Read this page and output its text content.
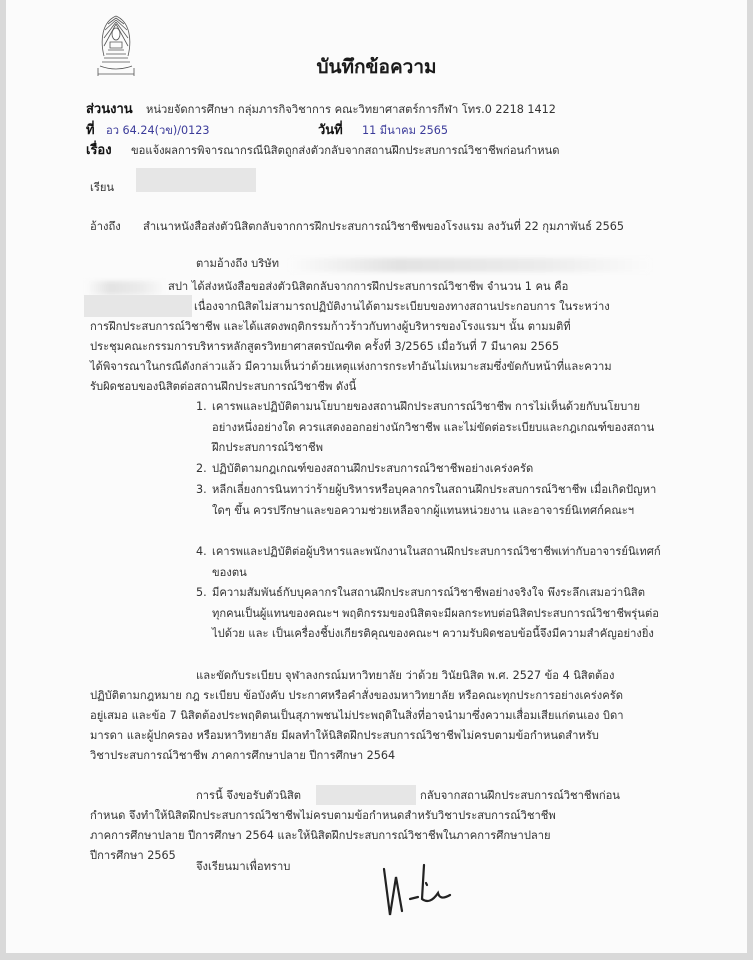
บันทึกข้อความ
ส่วนงาน หน่วยจัดการศึกษา กลุ่มภารกิจวิชาการ คณะวิทยาศาสตร์การกีฬา โทร.0 2218 1412
ที่ อว 64.24(วข)/0123	วันที่ 11 มีนาคม 2565
เรื่อง ขอแจ้งผลการพิจารณากรณีนิสิตถูกส่งตัวกลับจากสถานฝึกประสบการณ์วิชาชีพก่อนกำหนด
เรียน
อ้างถึง สำเนาหนังสือส่งตัวนิสิตกลับจากการฝึกประสบการณ์วิชาชีพของโรงแรม ลงวันที่ 22 กุมภาพันธ์ 2565
ตามอ้างถึง บริษัท
สปา ได้ส่งหนังสือขอส่งตัวนิสิตกลับจากการฝึกประสบการณ์วิชาชีพ จำนวน 1 คน คือ
เนื่องจากนิสิตไม่สามารถปฏิบัติงานได้ตามระเบียบของทางสถานประกอบการ ในระหว่าง
การฝึกประสบการณ์วิชาชีพ และได้แสดงพฤติกรรมก้าวร้าวกับทางผู้บริหารของโรงแรมฯ นั้น ตามมติที่
ประชุมคณะกรรมการบริหารหลักสูตรวิทยาศาสตรบัณฑิต ครั้งที่ 3/2565 เมื่อวันที่ 7 มีนาคม 2565
ได้พิจารณาในกรณีดังกล่าวแล้ว มีความเห็นว่าด้วยเหตุแห่งการกระทำอันไม่เหมาะสมซึ่งขัดกับหน้าที่และความ
รับผิดชอบของนิสิตต่อสถานฝึกประสบการณ์วิชาชีพ ดังนี้
1. เคารพและปฏิบัติตามนโยบายของสถานฝึกประสบการณ์วิชาชีพ การไม่เห็นด้วยกับนโยบายอย่างหนึ่งอย่างใด ควรแสดงออกอย่างนักวิชาชีพ และไม่ขัดต่อระเบียบและกฎเกณฑ์ของสถานฝึกประสบการณ์วิชาชีพ
2. ปฏิบัติตามกฎเกณฑ์ของสถานฝึกประสบการณ์วิชาชีพอย่างเคร่งครัด
3. หลีกเลี่ยงการนินทาว่าร้ายผู้บริหารหรือบุคลากรในสถานฝึกประสบการณ์วิชาชีพ เมื่อเกิดปัญหา ใดๆ ขึ้น ควรปรึกษาและขอความช่วยเหลือจากผู้แทนหน่วยงาน และอาจารย์นิเทศก์คณะฯ
4. เคารพและปฏิบัติต่อผู้บริหารและพนักงานในสถานฝึกประสบการณ์วิชาชีพเท่ากับอาจารย์นิเทศก์ของตน
5. มีความสัมพันธ์กับบุคลากรในสถานฝึกประสบการณ์วิชาชีพอย่างจริงใจ พึงระลึกเสมอว่านิสิต ทุกคนเป็นผู้แทนของคณะฯ พฤติกรรมของนิสิตจะมีผลกระทบต่อนิสิตประสบการณ์วิชาชีพรุ่นต่อไปด้วย และ เป็นเครื่องชี้บ่งเกียรติคุณของคณะฯ ความรับผิดชอบข้อนี้จึงมีความสำคัญอย่างยิ่ง
และขัดกับระเบียบ จุฬาลงกรณ์มหาวิทยาลัย ว่าด้วย วินัยนิสิต พ.ศ. 2527 ข้อ 4 นิสิตต้อง
ปฏิบัติตามกฎหมาย กฎ ระเบียบ ข้อบังคับ ประกาศหรือคำสั่งของมหาวิทยาลัย หรือคณะทุกประการอย่างเคร่งครัด
อยู่เสมอ และข้อ 7 นิสิตต้องประพฤติตนเป็นสุภาพชนไม่ประพฤติในสิ่งที่อาจนำมาซึ่งความเสื่อมเสียแก่ตนเอง บิดา
มารดา และผู้ปกครอง หรือมหาวิทยาลัย มีผลทำให้นิสิตฝึกประสบการณ์วิชาชีพไม่ครบตามข้อกำหนดสำหรับ
วิชาประสบการณ์วิชาชีพ ภาคการศึกษาปลาย ปีการศึกษา 2564
การนี้ จึงขอรับตัวนิสิต	กลับจากสถานฝึกประสบการณ์วิชาชีพก่อน
กำหนด จึงทำให้นิสิตฝึกประสบการณ์วิชาชีพไม่ครบตามข้อกำหนดสำหรับวิชาประสบการณ์วิชาชีพ
ภาคการศึกษาปลาย ปีการศึกษา 2564 และให้นิสิตฝึกประสบการณ์วิชาชีพในภาคการศึกษาปลาย
ปีการศึกษา 2565
จึงเรียนมาเพื่อทราบ
